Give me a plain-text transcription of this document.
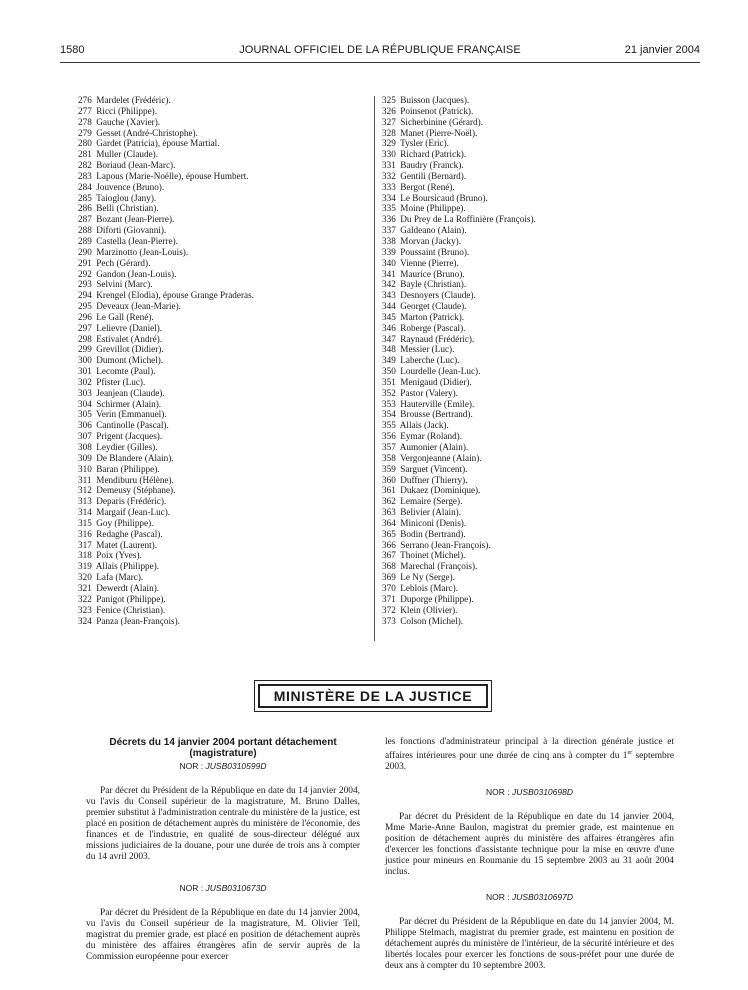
1580	JOURNAL OFFICIEL DE LA RÉPUBLIQUE FRANÇAISE	21 janvier 2004
276 Mardelet (Frédéric).
277 Ricci (Philippe).
278 Gauche (Xavier).
279 Gesset (André-Christophe).
280 Gardet (Patricia), épouse Martial.
281 Muller (Claude).
282 Boriaud (Jean-Marc).
283 Lapous (Marie-Noëlle), épouse Humbert.
284 Jouvence (Bruno).
285 Taioglou (Jany).
286 Belli (Christian).
287 Bozant (Jean-Pierre).
288 Diforti (Giovanni).
289 Castella (Jean-Pierre).
290 Marzinotto (Jean-Louis).
291 Pech (Gérard).
292 Gandon (Jean-Louis).
293 Selvini (Marc).
294 Krengel (Elodia), épouse Grange Praderas.
295 Deveaux (Jean-Marie).
296 Le Gall (René).
297 Lelievre (Daniel).
298 Estivalet (André).
299 Grevillot (Didier).
300 Dumont (Michel).
301 Lecomte (Paul).
302 Pfister (Luc).
303 Jeanjean (Claude).
304 Schirmer (Alain).
305 Verin (Emmanuel).
306 Cantinolle (Pascal).
307 Prigent (Jacques).
308 Leydier (Gilles).
309 De Blandere (Alain).
310 Baran (Philippe).
311 Mendiburu (Hélène).
312 Demeusy (Stéphane).
313 Deparis (Frédéric).
314 Margaif (Jean-Luc).
315 Goy (Philippe).
316 Redaghe (Pascal).
317 Matet (Laurent).
318 Poix (Yves).
319 Allais (Philippe).
320 Lafa (Marc).
321 Dewerdt (Alain).
322 Panigot (Philippe).
323 Fenice (Christian).
324 Panza (Jean-François).
325 Buisson (Jacques).
326 Poinsenot (Patrick).
327 Sicherbinine (Gérard).
328 Manet (Pierre-Noël).
329 Tysler (Eric).
330 Richard (Patrick).
331 Baudry (Franck).
332 Gentili (Bernard).
333 Bergot (René).
334 Le Boursicaud (Bruno).
335 Moine (Philippe).
336 Du Prey de La Roffinière (François).
337 Galdeano (Alain).
338 Morvan (Jacky).
339 Poussaint (Bruno).
340 Vienne (Pierre).
341 Maurice (Bruno).
342 Bayle (Christian).
343 Desnoyers (Claude).
344 Georget (Claude).
345 Marton (Patrick).
346 Roberge (Pascal).
347 Raynaud (Frédéric).
348 Messier (Luc).
349 Laberche (Luc).
350 Lourdelle (Jean-Luc).
351 Menigaud (Didier).
352 Pastor (Valery).
353 Hauterville (Emile).
354 Brousse (Bertrand).
355 Allais (Jack).
356 Eymar (Roland).
357 Aumonier (Alain).
358 Vergonjeanne (Alain).
359 Sarguet (Vincent).
360 Duffner (Thierry).
361 Dukaez (Dominique).
362 Lemaire (Serge).
363 Belivier (Alain).
364 Miniconi (Denis).
365 Bodin (Bertrand).
366 Serrano (Jean-François).
367 Thoinet (Michel).
368 Marechal (François).
369 Le Ny (Serge).
370 Leblois (Marc).
371 Duporge (Philippe).
372 Klein (Olivier).
373 Colson (Michel).
MINISTÈRE DE LA JUSTICE
Décrets du 14 janvier 2004 portant détachement
(magistrature)
NOR : JUSB0310599D

Par décret du Président de la République en date du 14 janvier 2004, vu l'avis du Conseil supérieur de la magistrature, M. Bruno Dalles, premier substitut à l'administration centrale du ministère de la justice, est placé en position de détachement auprès du ministère de l'économie, des finances et de l'industrie, en qualité de sous-directeur délégué aux missions judiciaires de la douane, pour une durée de trois ans à compter du 14 avril 2003.

NOR : JUSB0310673D

Par décret du Président de la République en date du 14 janvier 2004, vu l'avis du Conseil supérieur de la magistrature, M. Olivier Tell, magistrat du premier grade, est placé en position de détachement auprès du ministère des affaires étrangères afin de servir auprès de la Commission européenne pour exercer

les fonctions d'administrateur principal à la direction générale justice et affaires intérieures pour une durée de cinq ans à compter du 1er septembre 2003.

NOR : JUSB0310698D

Par décret du Président de la République en date du 14 janvier 2004, Mme Marie-Anne Baulon, magistrat du premier grade, est maintenue en position de détachement auprès du ministère des affaires étrangères afin d'exercer les fonctions d'assistante technique pour la mise en œuvre d'une justice pour mineurs en Roumanie du 15 septembre 2003 au 31 août 2004 inclus.

NOR : JUSB0310697D

Par décret du Président de la République en date du 14 janvier 2004, M. Philippe Stelmach, magistrat du premier grade, est maintenu en position de détachement auprès du ministère de l'intérieur, de la sécurité intérieure et des libertés locales pour exercer les fonctions de sous-préfet pour une durée de deux ans à compter du 10 septembre 2003.
